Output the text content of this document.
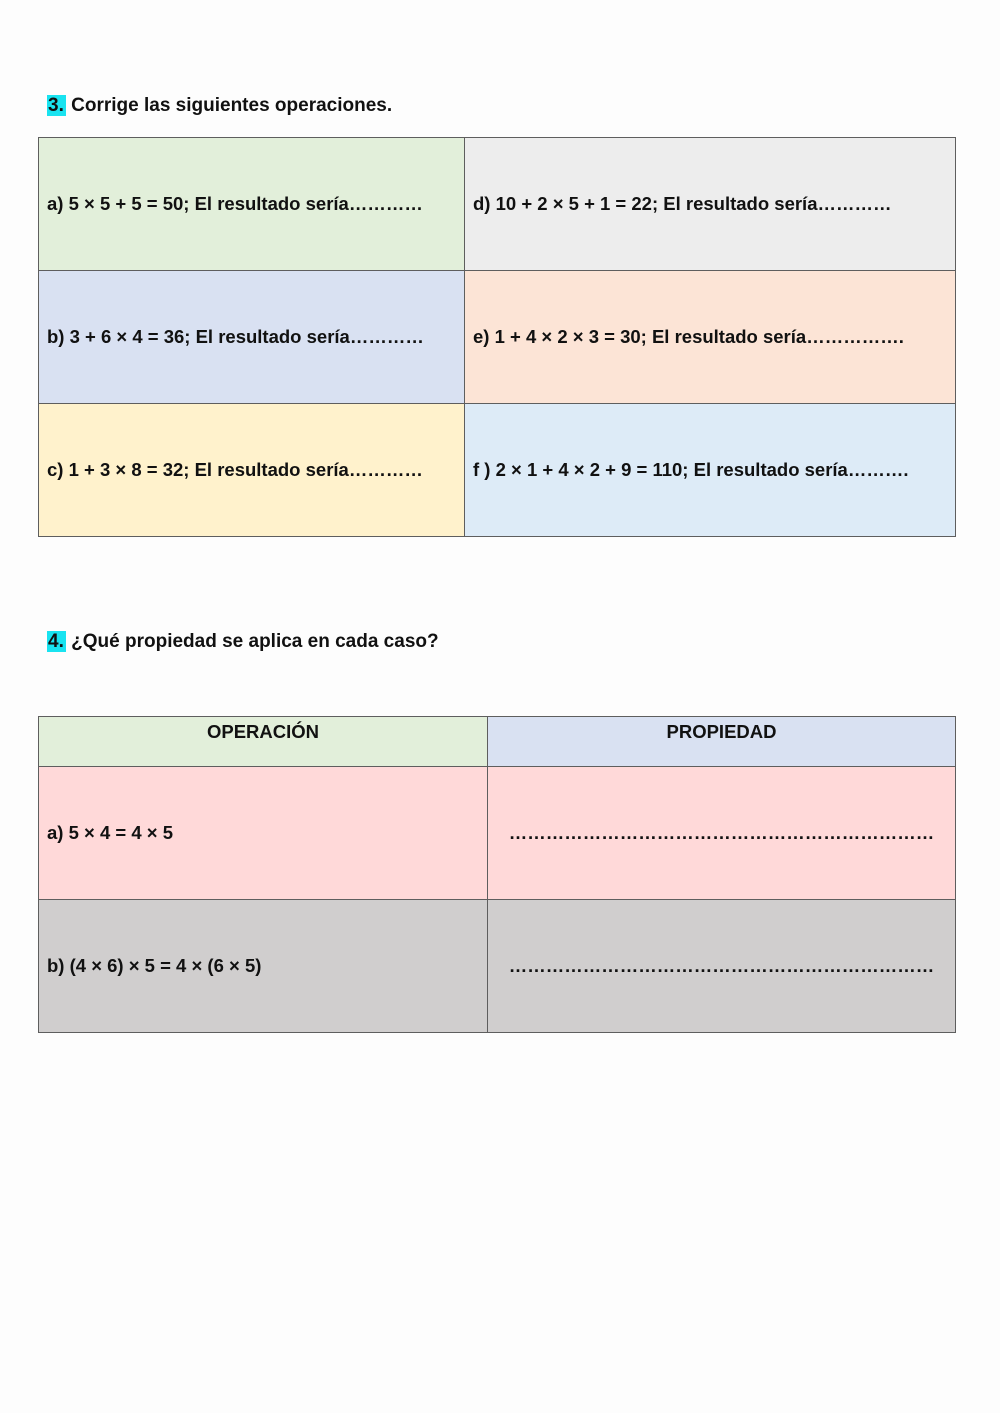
3. Corrige las siguientes operaciones.
a) 5 × 5 + 5 = 50; El resultado sería…………	d) 10 + 2 × 5 + 1 = 22; El resultado sería…………
b) 3 + 6 × 4 = 36; El resultado sería…………	e) 1 + 4 × 2 × 3 = 30; El resultado sería…………….
c) 1 + 3 × 8 = 32; El resultado sería…………	f ) 2 × 1 + 4 × 2 + 9 = 110; El resultado sería……….
4. ¿Qué propiedad se aplica en cada caso?
OPERACIÓN	PROPIEDAD
a) 5 × 4 = 4 × 5	……………………………………………………………
b) (4 × 6) × 5 = 4 × (6 × 5)	……………………………………………………………
